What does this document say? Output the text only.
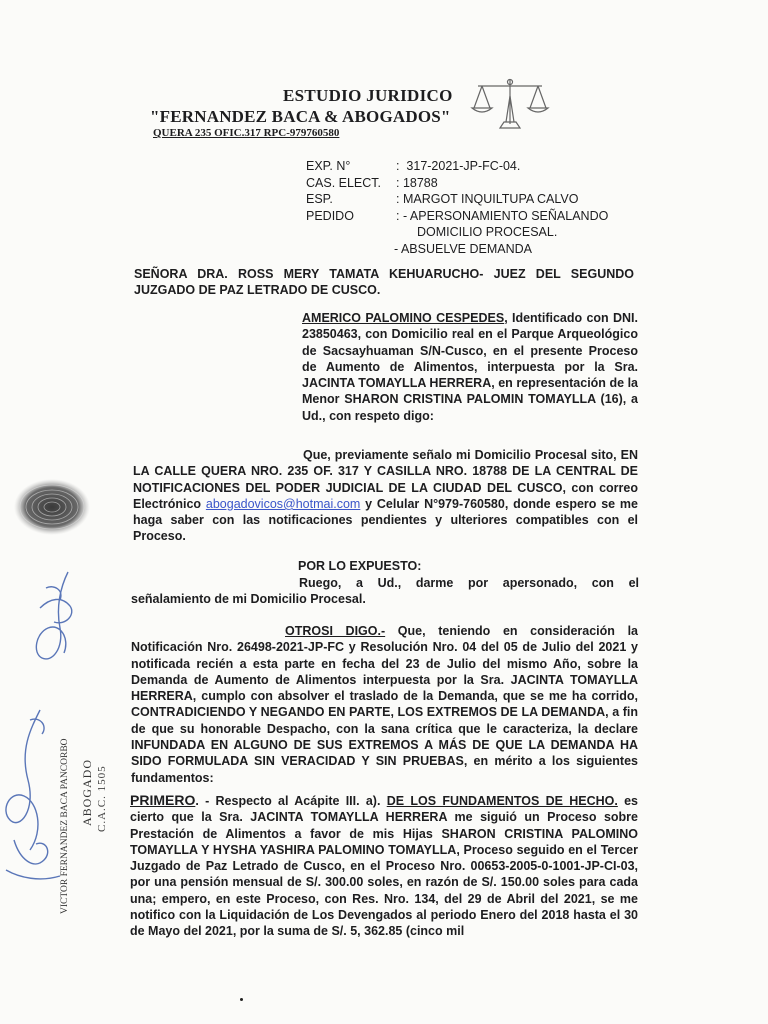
ESTUDIO JURIDICO
"FERNANDEZ BACA & ABOGADOS"
QUERA 235 OFIC.317 RPC-979760580
EXP. N°	:  317-2021-JP-FC-04.
CAS. ELECT.	: 18788
ESP.	: MARGOT INQUILTUPA CALVO
PEDIDO	: - APERSONAMIENTO SEÑALANDO
DOMICILIO PROCESAL.
- ABSUELVE DEMANDA

SEÑORA DRA. ROSS MERY TAMATA KEHUARUCHO- JUEZ DEL SEGUNDO JUZGADO DE PAZ LETRADO DE CUSCO.

AMERICO PALOMINO CESPEDES, Identificado con DNI. 23850463, con Domicilio real en el Parque Arqueológico de Sacsayhuaman S/N-Cusco, en el presente Proceso de Aumento de Alimentos, interpuesta por la Sra. JACINTA TOMAYLLA HERRERA, en representación de la Menor SHARON CRISTINA PALOMIN TOMAYLLA (16), a Ud., con respeto digo:

Que, previamente señalo mi Domicilio Procesal sito, EN LA CALLE QUERA NRO. 235 OF. 317 Y CASILLA NRO. 18788 DE LA CENTRAL DE NOTIFICACIONES DEL PODER JUDICIAL DE LA CIUDAD DEL CUSCO, con correo Electrónico abogadovicos@hotmai.com y Celular N°979-760580, donde espero se me haga saber con las notificaciones pendientes y ulteriores compatibles con el Proceso.

POR LO EXPUESTO:

Ruego, a Ud., darme por apersonado, con el señalamiento de mi Domicilio Procesal.

OTROSI DIGO.- Que, teniendo en consideración la Notificación Nro. 26498-2021-JP-FC y Resolución Nro. 04 del 05 de Julio del 2021 y notificada recién a esta parte en fecha del 23 de Julio del mismo Año, sobre la Demanda de Aumento de Alimentos interpuesta por la Sra. JACINTA TOMAYLLA HERRERA, cumplo con absolver el traslado de la Demanda, que se me ha corrido, CONTRADICIENDO Y NEGANDO EN PARTE, LOS EXTREMOS DE LA DEMANDA, a fin de que su honorable Despacho, con la sana crítica que le caracteriza, la declare INFUNDADA EN ALGUNO DE SUS EXTREMOS A MÁS DE QUE LA DEMANDA HA SIDO FORMULADA SIN VERACIDAD Y SIN PRUEBAS, en mérito a los siguientes fundamentos:

PRIMERO. - Respecto al Acápite III. a). DE LOS FUNDAMENTOS DE HECHO. es cierto que la Sra. JACINTA TOMAYLLA HERRERA me siguió un Proceso sobre Prestación de Alimentos a favor de mis Hijas SHARON CRISTINA PALOMINO TOMAYLLA Y HYSHA YASHIRA PALOMINO TOMAYLLA, Proceso seguido en el Tercer Juzgado de Paz Letrado de Cusco, en el Proceso Nro. 00653-2005-0-1001-JP-CI-03, por una pensión mensual de S/. 300.00 soles, en razón de S/. 150.00 soles para cada una; empero, en este Proceso, con Res. Nro. 134, del 29 de Abril del 2021, se me notifico con la Liquidación de Los Devengados al periodo Enero del 2018 hasta el 30 de Mayo del 2021, por la suma de S/. 5, 362.85 (cinco mil

VICTOR FERNANDEZ BACA PANCORBO ABOGADO C.A.C. 1505
